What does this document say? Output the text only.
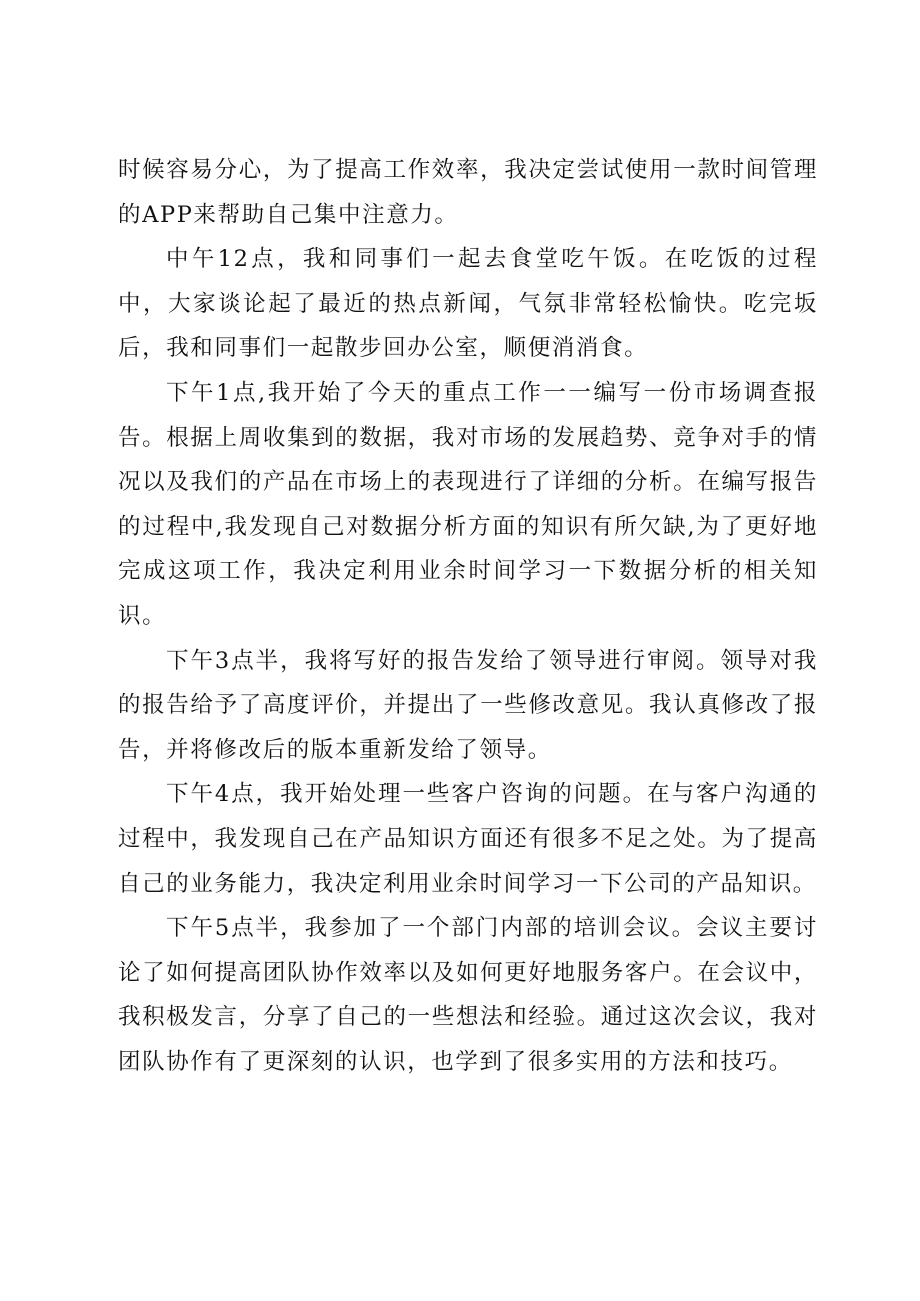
时候容易分心，为了提高工作效率，我决定尝试使用一款时间管理的APP来帮助自己集中注意力。

中午12点，我和同事们一起去食堂吃午饭。在吃饭的过程中，大家谈论起了最近的热点新闻，气氛非常轻松愉快。吃完坂后，我和同事们一起散步回办公室，顺便消消食。

下午1点,我开始了今天的重点工作一一编写一份市场调查报告。根据上周收集到的数据，我对市场的发展趋势、竞争对手的情况以及我们的产品在市场上的表现进行了详细的分析。在编写报告的过程中,我发现自己对数据分析方面的知识有所欠缺,为了更好地完成这项工作，我决定利用业余时间学习一下数据分析的相关知识。

下午3点半，我将写好的报告发给了领导进行审阅。领导对我的报告给予了高度评价，并提出了一些修改意见。我认真修改了报告，并将修改后的版本重新发给了领导。

下午4点，我开始处理一些客户咨询的问题。在与客户沟通的过程中，我发现自己在产品知识方面还有很多不足之处。为了提高自己的业务能力，我决定利用业余时间学习一下公司的产品知识。

下午5点半，我参加了一个部门内部的培训会议。会议主要讨论了如何提高团队协作效率以及如何更好地服务客户。在会议中，我积极发言，分享了自己的一些想法和经验。通过这次会议，我对团队协作有了更深刻的认识，也学到了很多实用的方法和技巧。
